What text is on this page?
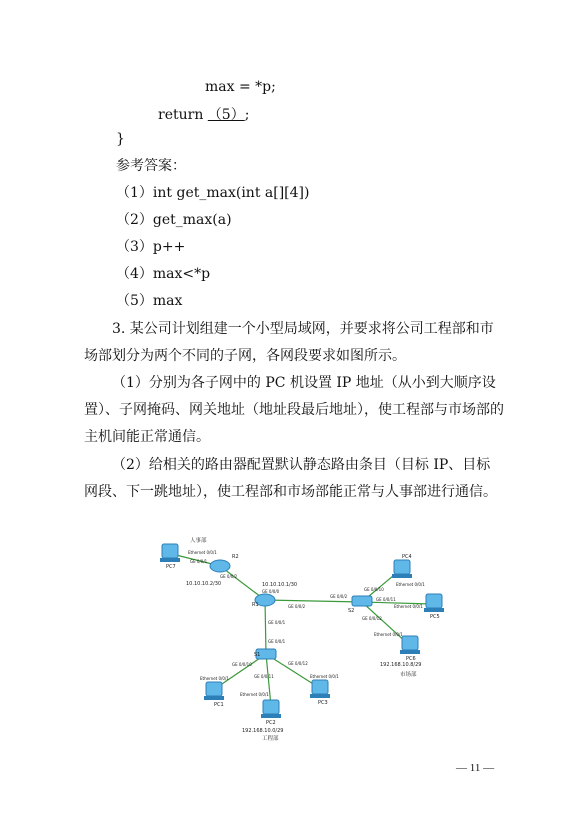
max = *p;
return （5）;
}
参考答案：
（1）int get_max(int a[][4])
（2）get_max(a)
（3）p++
（4）max<*p
（5）max
3. 某公司计划组建一个小型局域网，并要求将公司工程部和市场部划分为两个不同的子网，各网段要求如图所示。
（1）分别为各子网中的 PC 机设置 IP 地址（从小到大顺序设置）、子网掩码、网关地址（地址段最后地址），使工程部与市场部的主机间能正常通信。
（2）给相关的路由器配置默认静态路由条目（目标 IP、目标网段、下一跳地址），使工程部和市场部能正常与人事部进行通信。
PC7
人事部
Ethernet 0/0/1
GE 0/0/1
R2
GE 0/0/2
10.10.10.2/30	10.10.10.1/30
GE 0/0/0
R1	GE 0/0/2
GE 0/0/1
S2
GE 0/0/2
GE 0/0/10
GE 0/0/11
GE 0/0/12
PC4
Ethernet 0/0/1
PC5
Ethernet 0/0/1
Ethernet 0/0/1
PC6
192.168.10.8/29
市场部
GE 0/0/1
S1
GE 0/0/10
GE 0/0/11
GE 0/0/12
Ethernet 0/0/1
PC1
Ethernet 0/0/1
PC2
192.168.10.0/29
工程部
Ethernet 0/0/1
PC3
— 11 —
